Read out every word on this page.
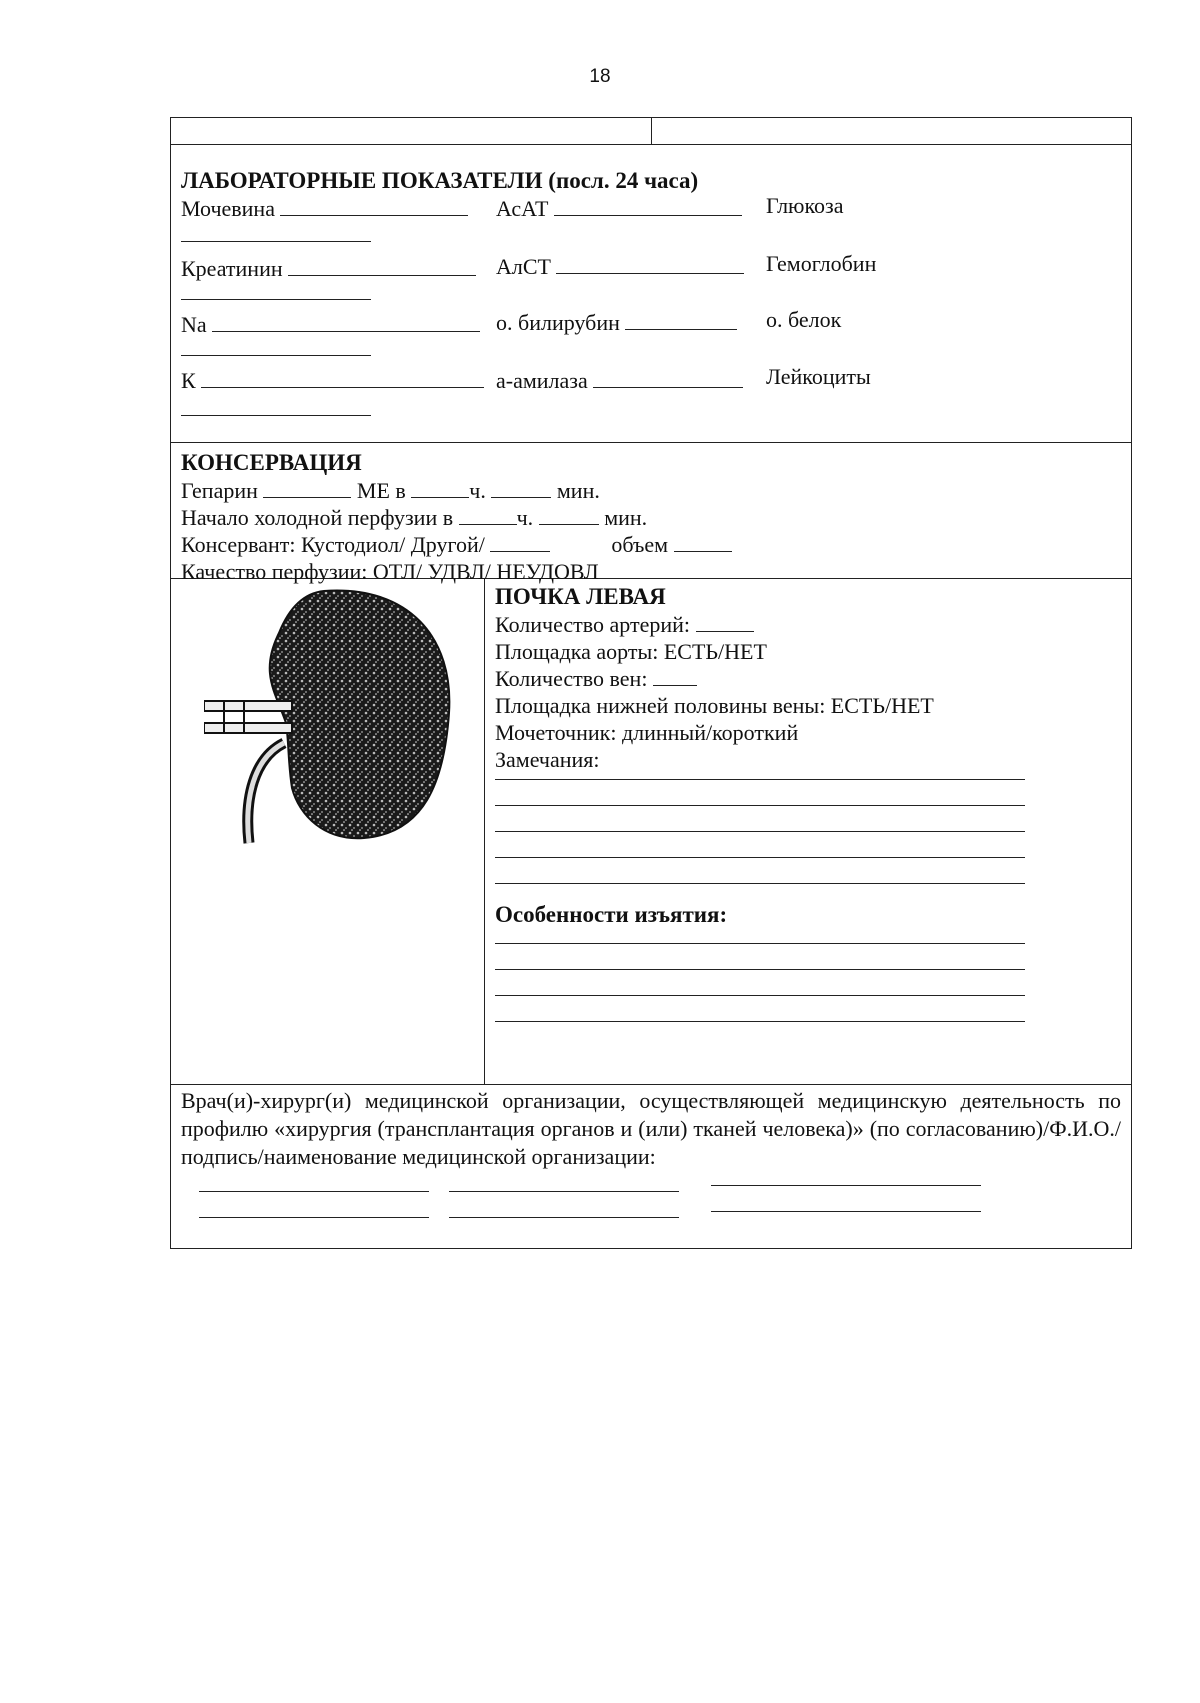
18
ЛАБОРАТОРНЫЕ ПОКАЗАТЕЛИ (посл. 24 часа)
Мочевина	АсАТ	Глюкоза
Креатинин	АлСТ	Гемоглобин
Na	о. билирубин	о. белок
К	а-амилаза	Лейкоциты
КОНСЕРВАЦИЯ
Гепарин	МЕ в	ч.	мин.
Начало холодной перфузии в	ч.	мин.
Консервант: Кустодиол/ Другой/	объем
Качество перфузии: ОТЛ/ УДВЛ/ НЕУДОВЛ
ПОЧКА ЛЕВАЯ
Количество артерий:
Площадка аорты: ЕСТЬ/НЕТ
Количество вен:
Площадка нижней половины вены: ЕСТЬ/НЕТ
Мочеточник: длинный/короткий
Замечания:
Особенности изъятия:
Врач(и)-хирург(и) медицинской организации, осуществляющей медицинскую деятельность по профилю «хирургия (трансплантация органов и (или) тканей человека)» (по согласованию)/Ф.И.О./подпись/наименование медицинской организации:
